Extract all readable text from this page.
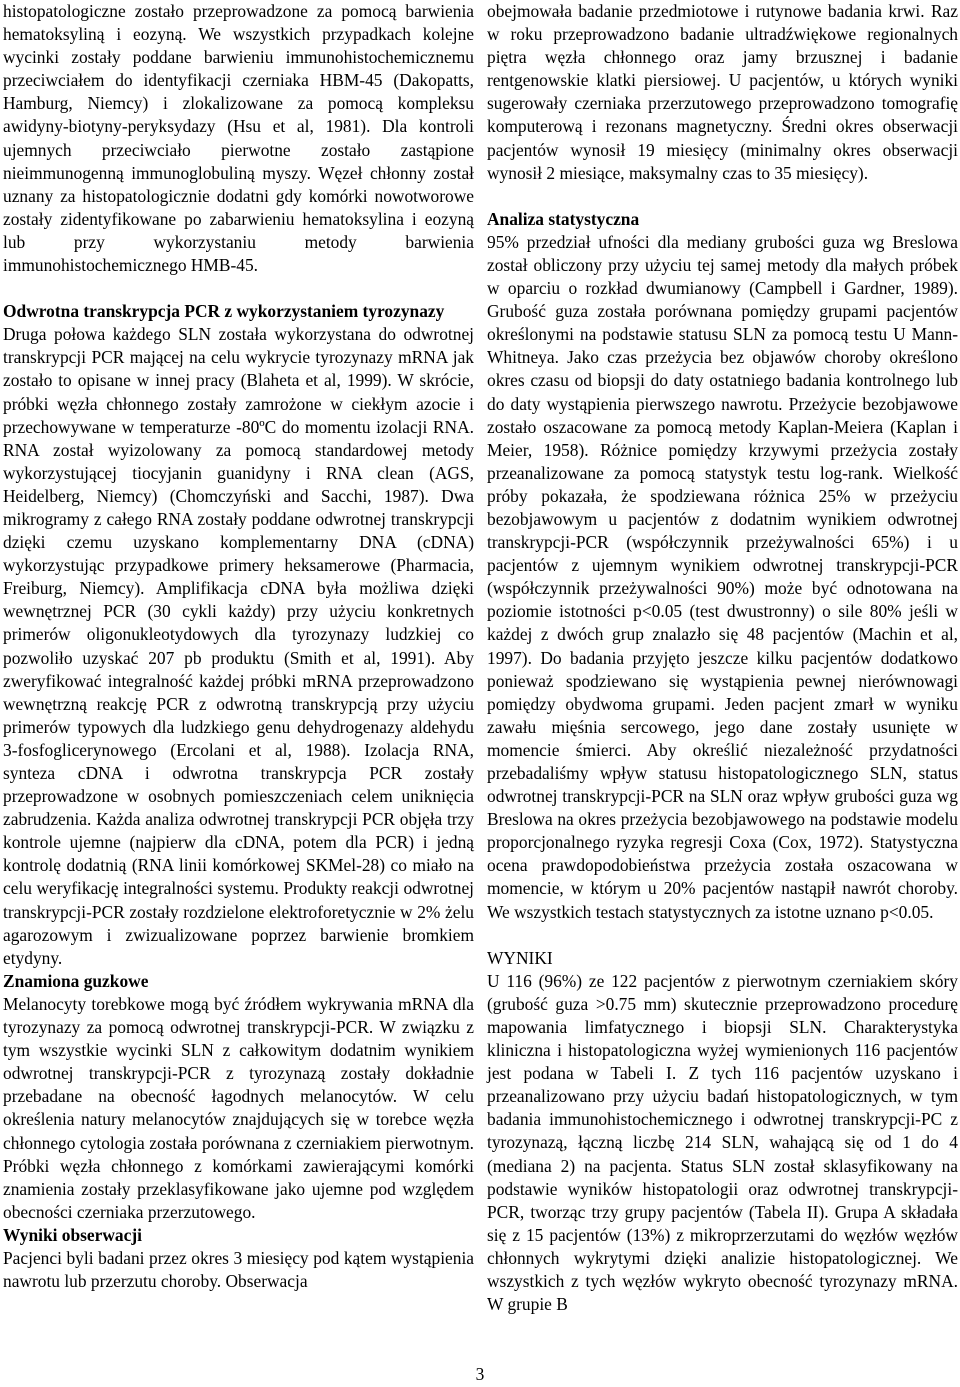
histopatologiczne zostało przeprowadzone za pomocą barwienia hematoksyliną i eozyną. We wszystkich przypadkach kolejne wycinki zostały poddane barwieniu immunohistochemicznemu przeciwciałem do identyfikacji czerniaka HBM-45 (Dakopatts, Hamburg, Niemcy) i zlokalizowane za pomocą kompleksu awidyny-biotyny-peryksydazy (Hsu et al, 1981). Dla kontroli ujemnych przeciwciało pierwotne zostało zastąpione nieimmunogenną immunoglobuliną myszy. Węzeł chłonny został uznany za histopatologicznie dodatni gdy komórki nowotworowe zostały zidentyfikowane po zabarwieniu hematoksylina i eozyną lub przy wykorzystaniu metody barwienia immunohistochemicznego HMB-45.

Odwrotna transkrypcja PCR z wykorzystaniem tyrozynazy

Druga połowa każdego SLN została wykorzystana do odwrotnej transkrypcji PCR mającej na celu wykrycie tyrozynazy mRNA jak zostało to opisane w innej pracy (Blaheta et al, 1999). W skrócie, próbki węzła chłonnego zostały zamrożone w ciekłym azocie i przechowywane w temperaturze -80ºC do momentu izolacji RNA. RNA został wyizolowany za pomocą standardowej metody wykorzystującej tiocyjanin guanidyny i RNA clean (AGS, Heidelberg, Niemcy) (Chomczyński and Sacchi, 1987). Dwa mikrogramy z całego RNA zostały poddane odwrotnej transkrypcji dzięki czemu uzyskano komplementarny DNA (cDNA) wykorzystując przypadkowe primery heksamerowe (Pharmacia, Freiburg, Niemcy). Amplifikacja cDNA była możliwa dzięki wewnętrznej PCR (30 cykli każdy) przy użyciu konkretnych primerów oligonukleotydowych dla tyrozynazy ludzkiej co pozwoliło uzyskać 207 pb produktu (Smith et al, 1991). Aby zweryfikować integralność każdej próbki mRNA przeprowadzono wewnętrzną reakcję PCR z odwrotną transkrypcją przy użyciu primerów typowych dla ludzkiego genu dehydrogenazy aldehydu 3-fosfoglicerynowego (Ercolani et al, 1988). Izolacja RNA, synteza cDNA i odwrotna transkrypcja PCR zostały przeprowadzone w osobnych pomieszczeniach celem uniknięcia zabrudzenia. Każda analiza odwrotnej transkrypcji PCR objęła trzy kontrole ujemne (najpierw dla cDNA, potem dla PCR) i jedną kontrolę dodatnią (RNA linii komórkowej SKMel-28) co miało na celu weryfikację integralności systemu. Produkty reakcji odwrotnej transkrypcji-PCR zostały rozdzielone elektroforetycznie w 2% żelu agarozowym i zwizualizowane poprzez barwienie bromkiem etydyny.

Znamiona guzkowe

Melanocyty torebkowe mogą być źródłem wykrywania mRNA dla tyrozynazy za pomocą odwrotnej transkrypcji-PCR. W związku z tym wszystkie wycinki SLN z całkowitym dodatnim wynikiem odwrotnej transkrypcji-PCR z tyrozynazą zostały dokładnie przebadane na obecność łagodnych melanocytów. W celu określenia natury melanocytów znajdujących się w torebce węzła chłonnego cytologia została porównana z czerniakiem pierwotnym. Próbki węzła chłonnego z komórkami zawierającymi komórki znamienia zostały przeklasyfikowane jako ujemne pod względem obecności czerniaka przerzutowego.

Wyniki obserwacji

Pacjenci byli badani przez okres 3 miesięcy pod kątem wystąpienia nawrotu lub przerzutu choroby. Obserwacja

obejmowała badanie przedmiotowe i rutynowe badania krwi. Raz w roku przeprowadzono badanie ultradźwiękowe regionalnych piętra węzła chłonnego oraz jamy brzusznej i badanie rentgenowskie klatki piersiowej. U pacjentów, u których wyniki sugerowały czerniaka przerzutowego przeprowadzono tomografię komputerową i rezonans magnetyczny. Średni okres obserwacji pacjentów wynosił 19 miesięcy (minimalny okres obserwacji wynosił 2 miesiące, maksymalny czas to 35 miesięcy).

Analiza statystyczna

95% przedział ufności dla mediany grubości guza wg Breslowa został obliczony przy użyciu tej samej metody dla małych próbek w oparciu o rozkład dwumianowy (Campbell i Gardner, 1989). Grubość guza została porównana pomiędzy grupami pacjentów określonymi na podstawie statusu SLN za pomocą testu U Mann-Whitneya. Jako czas przeżycia bez objawów choroby określono okres czasu od biopsji do daty ostatniego badania kontrolnego lub do daty wystąpienia pierwszego nawrotu. Przeżycie bezobjawowe zostało oszacowane za pomocą metody Kaplan-Meiera (Kaplan i Meier, 1958). Różnice pomiędzy krzywymi przeżycia zostały przeanalizowane za pomocą statystyk testu log-rank. Wielkość próby pokazała, że spodziewana różnica 25% w przeżyciu bezobjawowym u pacjentów z dodatnim wynikiem odwrotnej transkrypcji-PCR (współczynnik przeżywalności 65%) i u pacjentów z ujemnym wynikiem odwrotnej transkrypcji-PCR (współczynnik przeżywalności 90%) może być odnotowana na poziomie istotności p<0.05 (test dwustronny) o sile 80% jeśli w każdej z dwóch grup znalazło się 48 pacjentów (Machin et al, 1997). Do badania przyjęto jeszcze kilku pacjentów dodatkowo ponieważ spodziewano się wystąpienia pewnej nierównowagi pomiędzy obydwoma grupami. Jeden pacjent zmarł w wyniku zawału mięśnia sercowego, jego dane zostały usunięte w momencie śmierci. Aby określić niezależność przydatności przebadaliśmy wpływ statusu histopatologicznego SLN, status odwrotnej transkrypcji-PCR na SLN oraz wpływ grubości guza wg Breslowa na okres przeżycia bezobjawowego na podstawie modelu proporcjonalnego ryzyka regresji Coxa (Cox, 1972). Statystyczna ocena prawdopodobieństwa przeżycia została oszacowana w momencie, w którym u 20% pacjentów nastąpił nawrót choroby. We wszystkich testach statystycznych za istotne uznano p<0.05.

WYNIKI

U 116 (96%) ze 122 pacjentów z pierwotnym czerniakiem skóry (grubość guza >0.75 mm) skutecznie przeprowadzono procedurę mapowania limfatycznego i biopsji SLN. Charakterystyka kliniczna i histopatologiczna wyżej wymienionych 116 pacjentów jest podana w Tabeli I. Z tych 116 pacjentów uzyskano i przeanalizowano przy użyciu badań histopatologicznych, w tym badania immunohistochemicznego i odwrotnej transkrypcji-PC z tyrozynazą, łączną liczbę 214 SLN, wahającą się od 1 do 4 (mediana 2) na pacjenta. Status SLN został sklasyfikowany na podstawie wyników histopatologii oraz odwrotnej transkrypcji-PCR, tworząc trzy grupy pacjentów (Tabela II). Grupa A składała się z 15 pacjentów (13%) z mikroprzerzutami do węzłów węzłów chłonnych wykrytymi dzięki analizie histopatologicznej. We wszystkich z tych węzłów wykryto obecność tyrozynazy mRNA. W grupie B

3
